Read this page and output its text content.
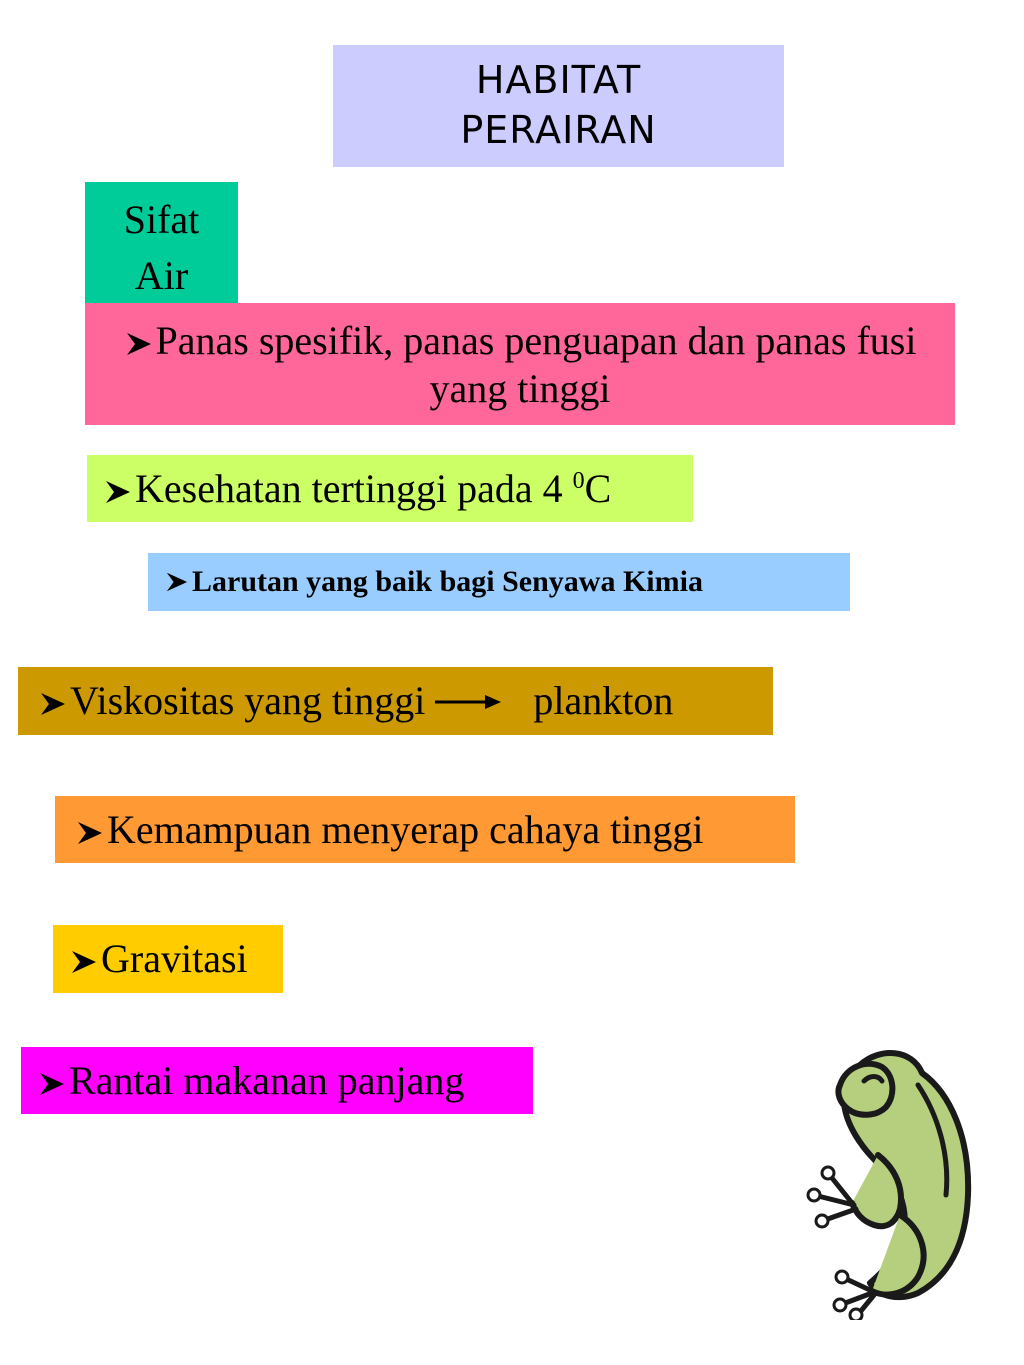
HABITAT
PERAIRAN
Sifat
Air
Panas spesifik, panas penguapan dan panas fusi yang tinggi
Kesehatan tertinggi pada 4 $^0$C
Larutan yang baik bagi Senyawa Kimia
Viskositas yang tinggi	plankton
Kemampuan menyerap cahaya tinggi
Gravitasi
Rantai makanan panjang
